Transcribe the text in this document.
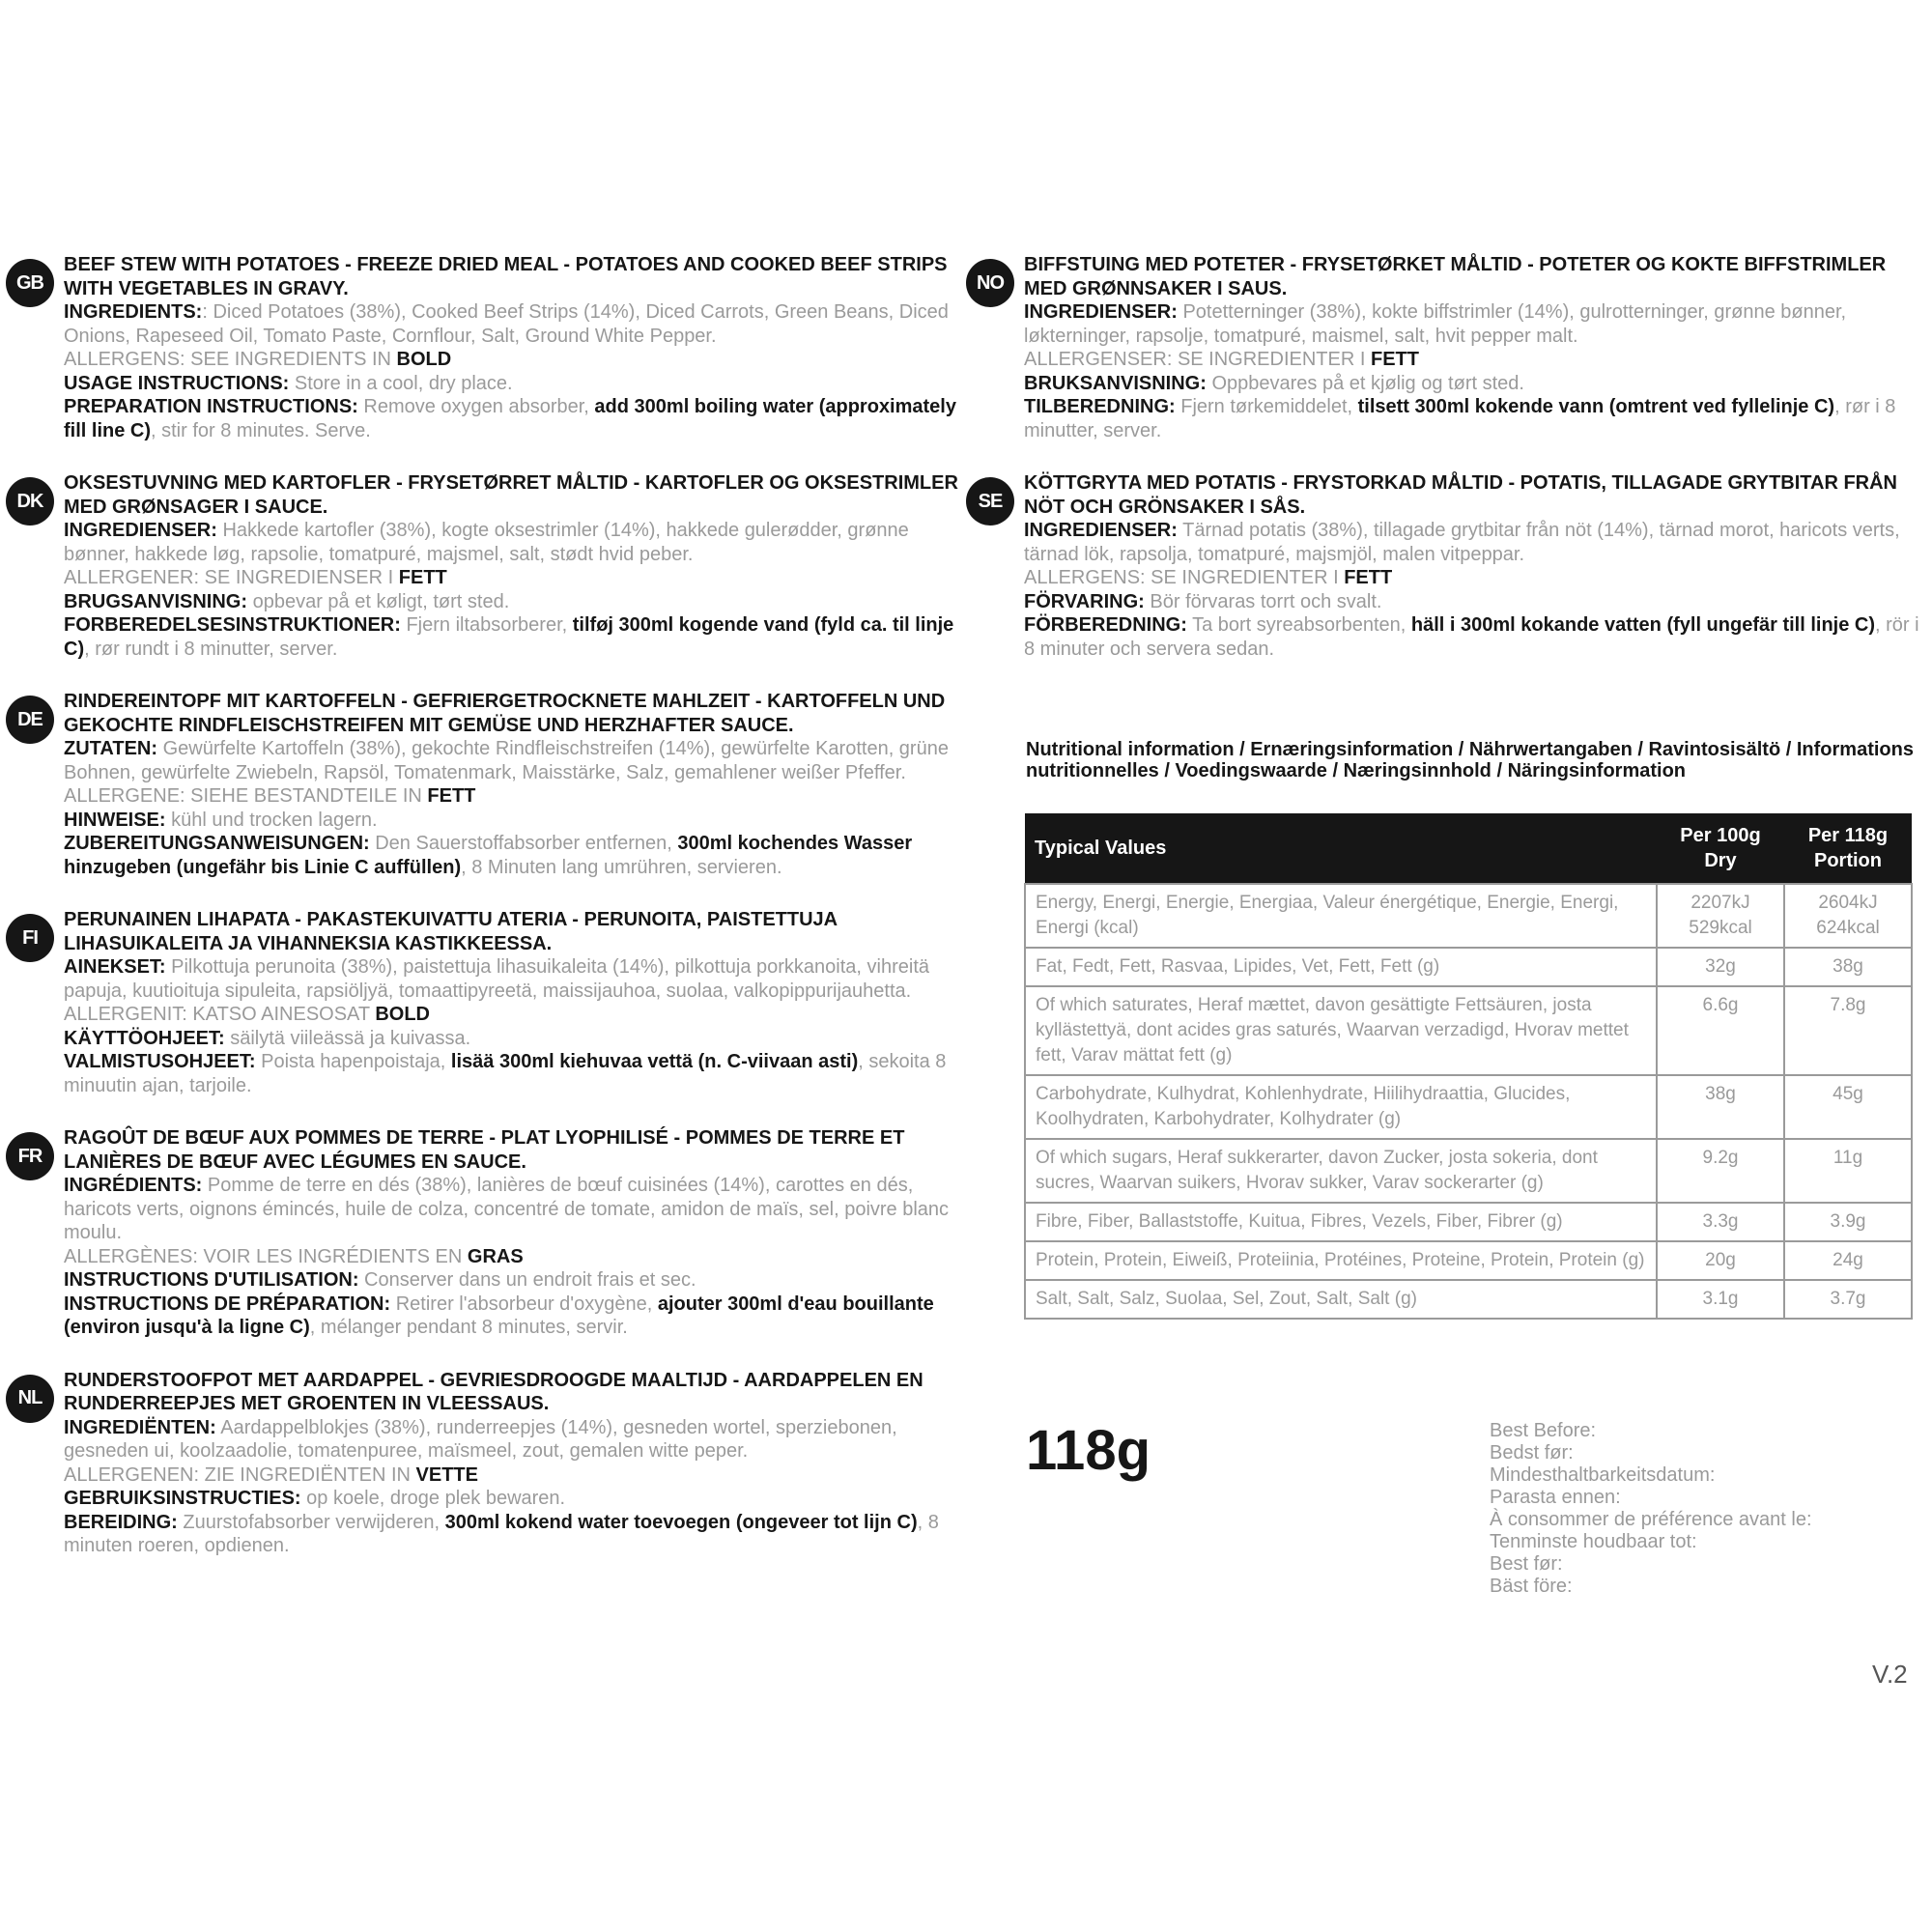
GB
BEEF STEW WITH POTATOES - FREEZE DRIED MEAL - POTATOES AND COOKED BEEF STRIPS WITH VEGETABLES IN GRAVY.
INGREDIENTS:: Diced Potatoes (38%), Cooked Beef Strips (14%), Diced Carrots, Green Beans, Diced Onions, Rapeseed Oil, Tomato Paste, Cornflour, Salt, Ground White Pepper.
ALLERGENS: SEE INGREDIENTS IN BOLD
USAGE INSTRUCTIONS: Store in a cool, dry place.
PREPARATION INSTRUCTIONS: Remove oxygen absorber, add 300ml boiling water (approximately fill line C), stir for 8 minutes. Serve.
DK
OKSESTUVNING MED KARTOFLER - FRYSETØRRET MÅLTID - KARTOFLER OG OKSESTRIMLER MED GRØNSAGER I SAUCE.
INGREDIENSER: Hakkede kartofler (38%), kogte oksestrimler (14%), hakkede gulerødder, grønne bønner, hakkede løg, rapsolie, tomatpuré, majsmel, salt, stødt hvid peber.
ALLERGENER: SE INGREDIENSER I FETT
BRUGSANVISNING: opbevar på et køligt, tørt sted.
FORBEREDELSESINSTRUKTIONER: Fjern iltabsorberer, tilføj 300ml kogende vand (fyld ca. til linje C), rør rundt i 8 minutter, server.
DE
RINDEREINTOPF MIT KARTOFFELN - GEFRIERGETROCKNETE MAHLZEIT - KARTOFFELN UND GEKOCHTE RINDFLEISCHSTREIFEN MIT GEMÜSE UND HERZHAFTER SAUCE.
ZUTATEN: Gewürfelte Kartoffeln (38%), gekochte Rindfleischstreifen (14%), gewürfelte Karotten, grüne Bohnen, gewürfelte Zwiebeln, Rapsöl, Tomatenmark, Maisstärke, Salz, gemahlener weißer Pfeffer.
ALLERGENE: SIEHE BESTANDTEILE IN FETT
HINWEISE: kühl und trocken lagern.
ZUBEREITUNGSANWEISUNGEN: Den Sauerstoffabsorber entfernen, 300ml kochendes Wasser hinzugeben (ungefähr bis Linie C auffüllen), 8 Minuten lang umrühren, servieren.
FI
PERUNAINEN LIHAPATA - PAKASTEKUIVATTU ATERIA - PERUNOITA, PAISTETTUJA LIHASUIKALEITA JA VIHANNEKSIA KASTIKKEESSA.
AINEKSET: Pilkottuja perunoita (38%), paistettuja lihasuikaleita (14%), pilkottuja porkkanoita, vihreitä papuja, kuutioituja sipuleita, rapsiöljyä, tomaattipyreetä, maissijauhoa, suolaa, valkopippurijauhetta.
ALLERGENIT: KATSO AINESOSAT BOLD
KÄYTTÖOHJEET: säilytä viileässä ja kuivassa.
VALMISTUSOHJEET: Poista hapenpoistaja, lisää 300ml kiehuvaa vettä (n. C-viivaan asti), sekoita 8 minuutin ajan, tarjoile.
FR
RAGOÛT DE BŒUF AUX POMMES DE TERRE - PLAT LYOPHILISÉ - POMMES DE TERRE ET LANIÈRES DE BŒUF AVEC LÉGUMES EN SAUCE.
INGRÉDIENTS: Pomme de terre en dés (38%), lanières de bœuf cuisinées (14%), carottes en dés, haricots verts, oignons émincés, huile de colza, concentré de tomate, amidon de maïs, sel, poivre blanc moulu.
ALLERGÈNES: VOIR LES INGRÉDIENTS EN GRAS
INSTRUCTIONS D'UTILISATION: Conserver dans un endroit frais et sec.
INSTRUCTIONS DE PRÉPARATION: Retirer l'absorbeur d'oxygène, ajouter 300ml d'eau bouillante (environ jusqu'à la ligne C), mélanger pendant 8 minutes, servir.
NL
RUNDERSTOOFPOT MET AARDAPPEL - GEVRIESDROOGDE MAALTIJD - AARDAPPELEN EN RUNDERREEPJES MET GROENTEN IN VLEESSAUS.
INGREDIËNTEN: Aardappelblokjes (38%), runderreepjes (14%), gesneden wortel, sperziebonen, gesneden ui, koolzaadolie, tomatenpuree, maïsmeel, zout, gemalen witte peper.
ALLERGENEN: ZIE INGREDIËNTEN IN VETTE
GEBRUIKSINSTRUCTIES: op koele, droge plek bewaren.
BEREIDING: Zuurstofabsorber verwijderen, 300ml kokend water toevoegen (ongeveer tot lijn C), 8 minuten roeren, opdienen.
NO
BIFFSTUING MED POTETER - FRYSETØRKET MÅLTID - POTETER OG KOKTE BIFFSTRIMLER MED GRØNNSAKER I SAUS.
INGREDIENSER: Potetterninger (38%), kokte biffstrimler (14%), gulrotterninger, grønne bønner, løkterninger, rapsolje, tomatpuré, maismel, salt, hvit pepper malt.
ALLERGENSER: SE INGREDIENTER I FETT
BRUKSANVISNING: Oppbevares på et kjølig og tørt sted.
TILBEREDNING: Fjern tørkemiddelet, tilsett 300ml kokende vann (omtrent ved fyllelinje C), rør i 8 minutter, server.
SE
KÖTTGRYTA MED POTATIS - FRYSTORKAD MÅLTID - POTATIS, TILLAGADE GRYTBITAR FRÅN NÖT OCH GRÖNSAKER I SÅS.
INGREDIENSER: Tärnad potatis (38%), tillagade grytbitar från nöt (14%), tärnad morot, haricots verts, tärnad lök, rapsolja, tomatpuré, majsmjöl, malen vitpeppar.
ALLERGENS: SE INGREDIENTER I FETT
FÖRVARING: Bör förvaras torrt och svalt.
FÖRBEREDNING: Ta bort syreabsorbenten, häll i 300ml kokande vatten (fyll ungefär till linje C), rör i 8 minuter och servera sedan.
Nutritional information / Ernæringsinformation / Nährwertangaben / Ravintosisältö / Informations nutritionnelles / Voedingswaarde / Næringsinnhold / Näringsinformation
Typical Values	Per 100g Dry	Per 118g Portion
Energy, Energi, Energie, Energiaa, Valeur énergétique, Energie, Energi, Energi (kcal)	2207kJ 529kcal	2604kJ 624kcal
Fat, Fedt, Fett, Rasvaa, Lipides, Vet, Fett, Fett (g)	32g	38g
Of which saturates, Heraf mættet, davon gesättigte Fettsäuren, josta kyllästettyä, dont acides gras saturés, Waarvan verzadigd, Hvorav mettet fett, Varav mättat fett (g)	6.6g	7.8g
Carbohydrate, Kulhydrat, Kohlenhydrate, Hiilihydraattia, Glucides, Koolhydraten, Karbohydrater, Kolhydrater (g)	38g	45g
Of which sugars, Heraf sukkerarter, davon Zucker, josta sokeria, dont sucres, Waarvan suikers, Hvorav sukker, Varav sockerarter (g)	9.2g	11g
Fibre, Fiber, Ballaststoffe, Kuitua, Fibres, Vezels, Fiber, Fibrer (g)	3.3g	3.9g
Protein, Protein, Eiweiß, Proteiinia, Protéines, Proteine, Protein, Protein (g)	20g	24g
Salt, Salt, Salz, Suolaa, Sel, Zout, Salt, Salt (g)	3.1g	3.7g
118g	Best Before:
Bedst før:
Mindesthaltbarkeitsdatum:
Parasta ennen:
À consommer de préférence avant le:
Tenminste houdbaar tot:
Best før:
Bäst före:
V.2
